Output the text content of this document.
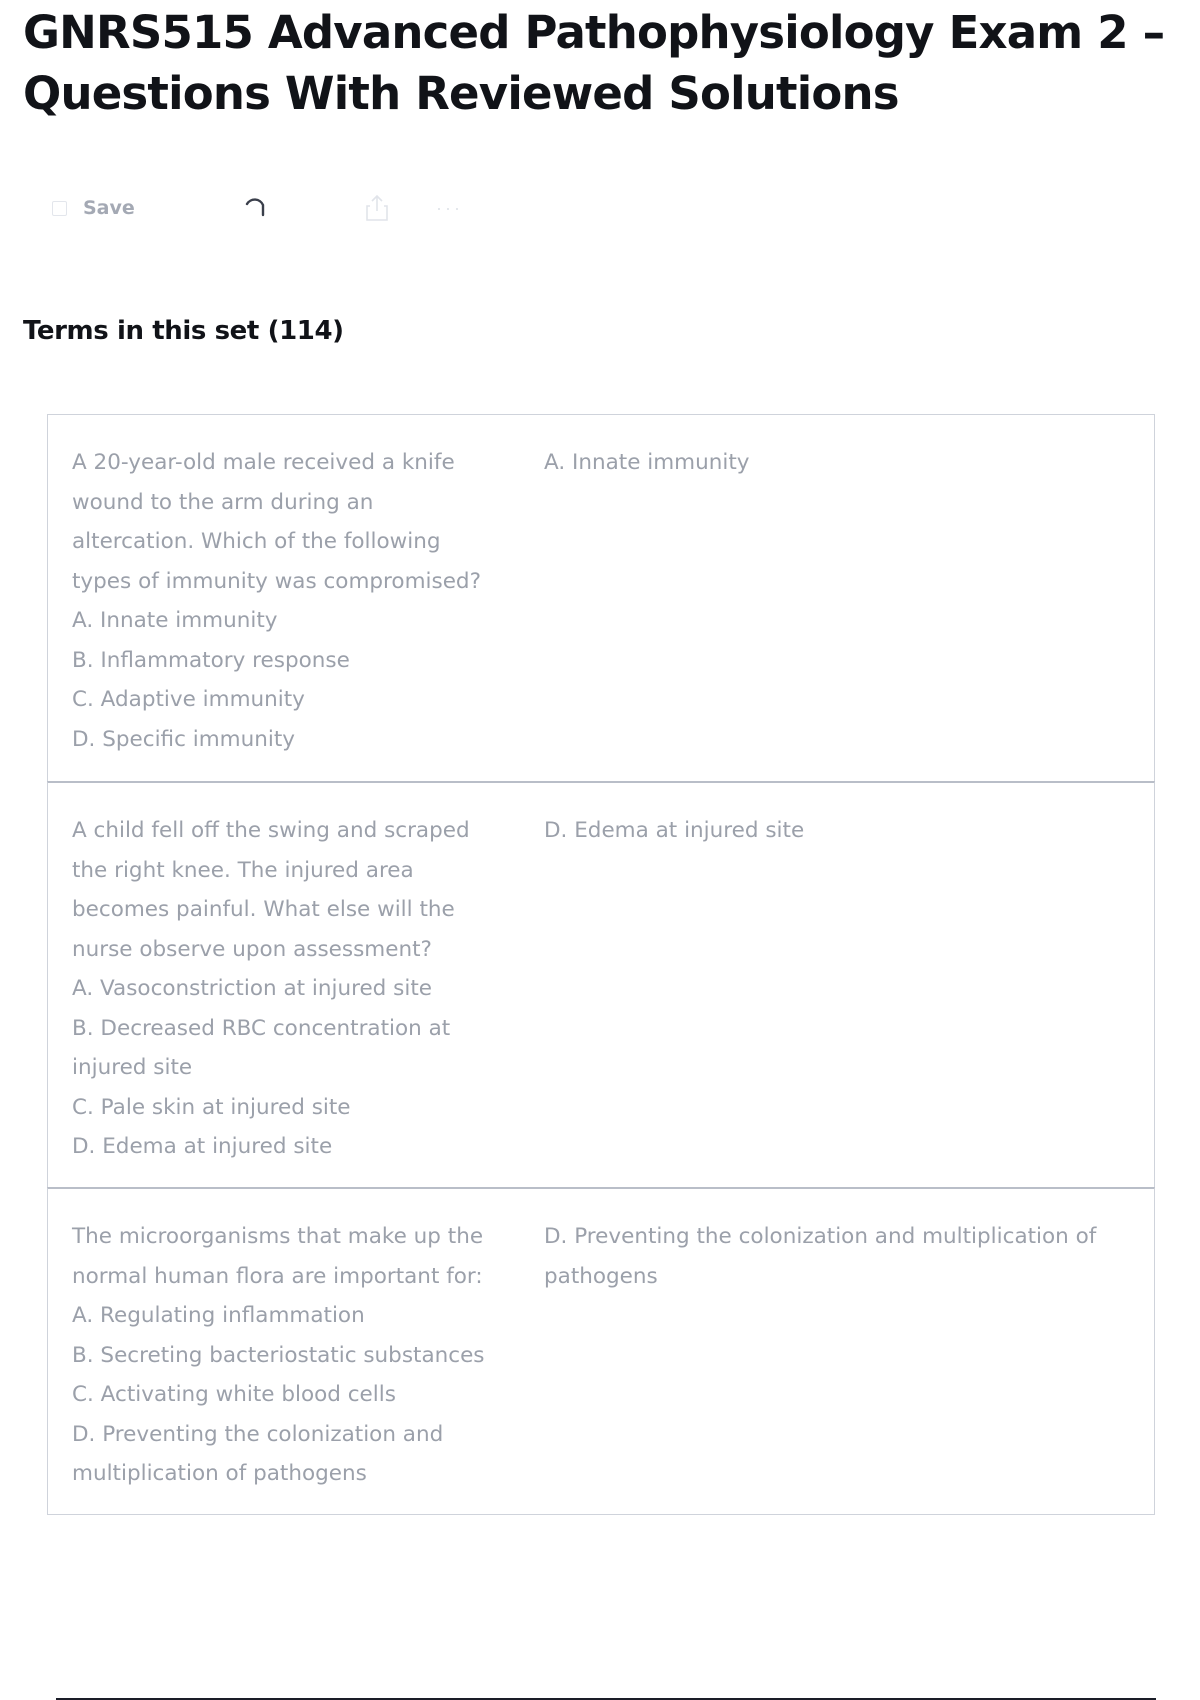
GNRS515 Advanced Pathophysiology Exam 2 – Questions With Reviewed Solutions
Save	···
Terms in this set (114)
A 20-year-old male received a knife wound to the arm during an altercation. Which of the following types of immunity was compromised?
A. Innate immunity
B. Inflammatory response
C. Adaptive immunity
D. Specific immunity
A. Innate immunity
A child fell off the swing and scraped the right knee. The injured area becomes painful. What else will the nurse observe upon assessment?
A. Vasoconstriction at injured site
B. Decreased RBC concentration at injured site
C. Pale skin at injured site
D. Edema at injured site
D. Edema at injured site
The microorganisms that make up the normal human flora are important for:
A. Regulating inflammation
B. Secreting bacteriostatic substances
C. Activating white blood cells
D. Preventing the colonization and multiplication of pathogens
D. Preventing the colonization and multiplication of pathogens
